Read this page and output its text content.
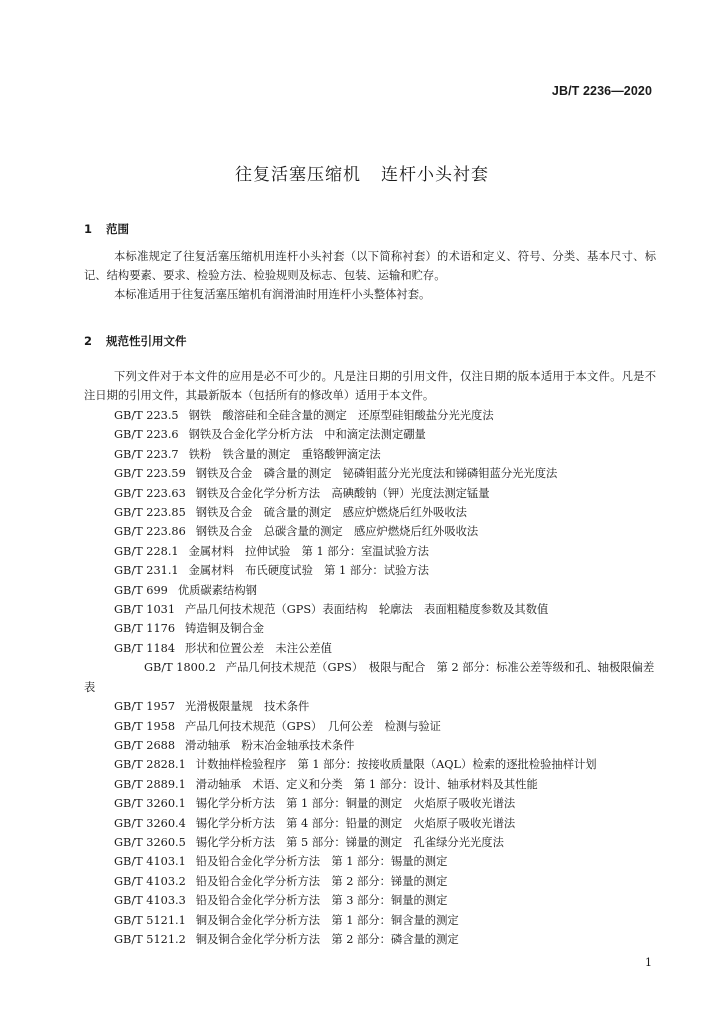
JB/T 2236—2020
往复活塞压缩机 连杆小头衬套
1 范围

本标准规定了往复活塞压缩机用连杆小头衬套（以下简称衬套）的术语和定义、符号、分类、基本尺寸、标记、结构要素、要求、检验方法、检验规则及标志、包装、运输和贮存。

本标准适用于往复活塞压缩机有润滑油时用连杆小头整体衬套。

2 规范性引用文件

下列文件对于本文件的应用是必不可少的。凡是注日期的引用文件，仅注日期的版本适用于本文件。凡是不注日期的引用文件，其最新版本（包括所有的修改单）适用于本文件。

GB/T 223.5 钢铁　酸溶硅和全硅含量的测定　还原型硅钼酸盐分光光度法
GB/T 223.6 钢铁及合金化学分析方法　中和滴定法测定硼量
GB/T 223.7 铁粉　铁含量的测定　重铬酸钾滴定法
GB/T 223.59 钢铁及合金　磷含量的测定　铋磷钼蓝分光光度法和锑磷钼蓝分光光度法
GB/T 223.63 钢铁及合金化学分析方法　高碘酸钠（钾）光度法测定锰量
GB/T 223.85 钢铁及合金　硫含量的测定　感应炉燃烧后红外吸收法
GB/T 223.86 钢铁及合金　总碳含量的测定　感应炉燃烧后红外吸收法
GB/T 228.1 金属材料　拉伸试验　第 1 部分：室温试验方法
GB/T 231.1 金属材料　布氏硬度试验　第 1 部分：试验方法
GB/T 699 优质碳素结构钢
GB/T 1031 产品几何技术规范（GPS）表面结构　轮廓法　表面粗糙度参数及其数值
GB/T 1176 铸造铜及铜合金
GB/T 1184 形状和位置公差　未注公差值
GB/T 1800.2 产品几何技术规范（GPS）　极限与配合　第 2 部分：标准公差等级和孔、轴极限偏差表
GB/T 1957 光滑极限量规　技术条件
GB/T 1958 产品几何技术规范（GPS）　几何公差　检测与验证
GB/T 2688 滑动轴承　粉末冶金轴承技术条件
GB/T 2828.1 计数抽样检验程序　第 1 部分：按接收质量限（AQL）检索的逐批检验抽样计划
GB/T 2889.1 滑动轴承　术语、定义和分类　第 1 部分：设计、轴承材料及其性能
GB/T 3260.1 锡化学分析方法　第 1 部分：铜量的测定　火焰原子吸收光谱法
GB/T 3260.4 锡化学分析方法　第 4 部分：铅量的测定　火焰原子吸收光谱法
GB/T 3260.5 锡化学分析方法　第 5 部分：锑量的测定　孔雀绿分光光度法
GB/T 4103.1 铅及铅合金化学分析方法　第 1 部分：锡量的测定
GB/T 4103.2 铅及铅合金化学分析方法　第 2 部分：锑量的测定
GB/T 4103.3 铅及铅合金化学分析方法　第 3 部分：铜量的测定
GB/T 5121.1 铜及铜合金化学分析方法　第 1 部分：铜含量的测定
GB/T 5121.2 铜及铜合金化学分析方法　第 2 部分：磷含量的测定
1
